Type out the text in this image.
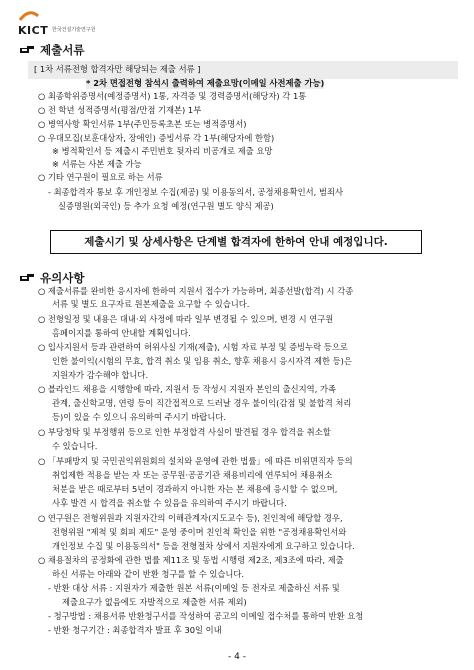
KICT 한국건설기술연구원
제출서류
[ 1차 서류전형 합격자만 해당되는 제출 서류 ]
* 2차 면접전형 참석시 출력하여 제출요망(이메일 사전제출 가능)
○ 최종학위증명서(예정증명서) 1통, 자격증 및 경력증명서(해당자) 각 1통
○ 전 학년 성적증명서(평점/만점 기재본) 1부
○ 병역사항 확인서류 1부(주민등록초본 또는 병적증명서)
○ 우대모집(보훈대상자, 장애인) 증빙서류 각 1부(해당자에 한함)
※ 병적확인서 등 제출시 주민번호 뒷자리 비공개로 제출 요망
※ 서류는 사본 제출 가능
○ 기타 연구원이 필요로 하는 서류
- 최종합격자 통보 후 개인정보 수집(제공) 및 이용동의서, 공정채용확인서, 범죄사
실증명원(외국인) 등 추가 요청 예정(연구원 별도 양식 제공)
제출시기 및 상세사항은 단계별 합격자에 한하여 안내 예정입니다.
유의사항
○ 제출서류를 완비한 응시자에 한하여 지원서 접수가 가능하며, 최종선발(합격) 시 각종
서류 및 별도 요구자료 원본제출을 요구할 수 있습니다.
○ 전형일정 및 내용은 대내·외 사정에 따라 일부 변경될 수 있으며, 변경 시 연구원
홈페이지를 통하여 안내할 계획입니다.
○ 입사지원서 등과 관련하여 허위사실 기재(제출), 시험 자료 부정 및 증빙누락 등으로
인한 불이익(시험의 무효, 합격 취소 및 임용 취소, 향후 채용시 응시자격 제한 등)은
지원자가 감수해야 합니다.
○ 블라인드 채용을 시행함에 따라, 지원서 등 작성시 지원자 본인의 출신지역, 가족
관계, 출신학교명, 연령 등이 직간접적으로 드러날 경우 불이익(감점 및 불합격 처리
등)이 있을 수 있으니 유의하여 주시기 바랍니다.
○ 부당청탁 및 부정행위 등으로 인한 부정합격 사실이 발견될 경우 합격을 취소할
수 있습니다.
○ 「부패방지 및 국민권익위원회의 설치와 운영에 관한 법률」에 따른 비위면직자 등의
취업제한 적용을 받는 자 또는 공무원·공공기관 채용비리에 연루되어 채용취소
처분을 받은 때로부터 5년이 경과하지 아니한 자는 본 채용에 응시할 수 없으며,
사후 발견 시 합격을 취소할 수 있음을 유의하여 주시기 바랍니다.
○ 연구원은 전형위원과 지원자간의 이해관계자(지도교수 등), 친인척에 해당할 경우,
전형위원 "제척 및 회피 제도" 운영 중이며 친인척 확인을 위한 "공정채용확인서와
개인정보 수집 및 이용동의서" 등을 전형절차 상에서 지원자에게 요구하고 있습니다.
○ 채용절차의 공정화에 관한 법률 제11조 및 동법 시행령 제2조, 제3조에 따라, 제출
하신 서류는 아래와 같이 반환 청구를 할 수 있습니다.
- 반환 대상 서류 : 지원자가 제출한 원본 서류(이메일 등 전자로 제출하신 서류 및
제출요구가 없음에도 자발적으로 제출한 서류 제외)
- 청구방법 : 채용서류 반환청구서를 작성하여 공고의 이메일 접수처를 통하여 반환 요청
- 반환 청구기간 : 최종합격자 발표 후 30일 이내
- 4 -
